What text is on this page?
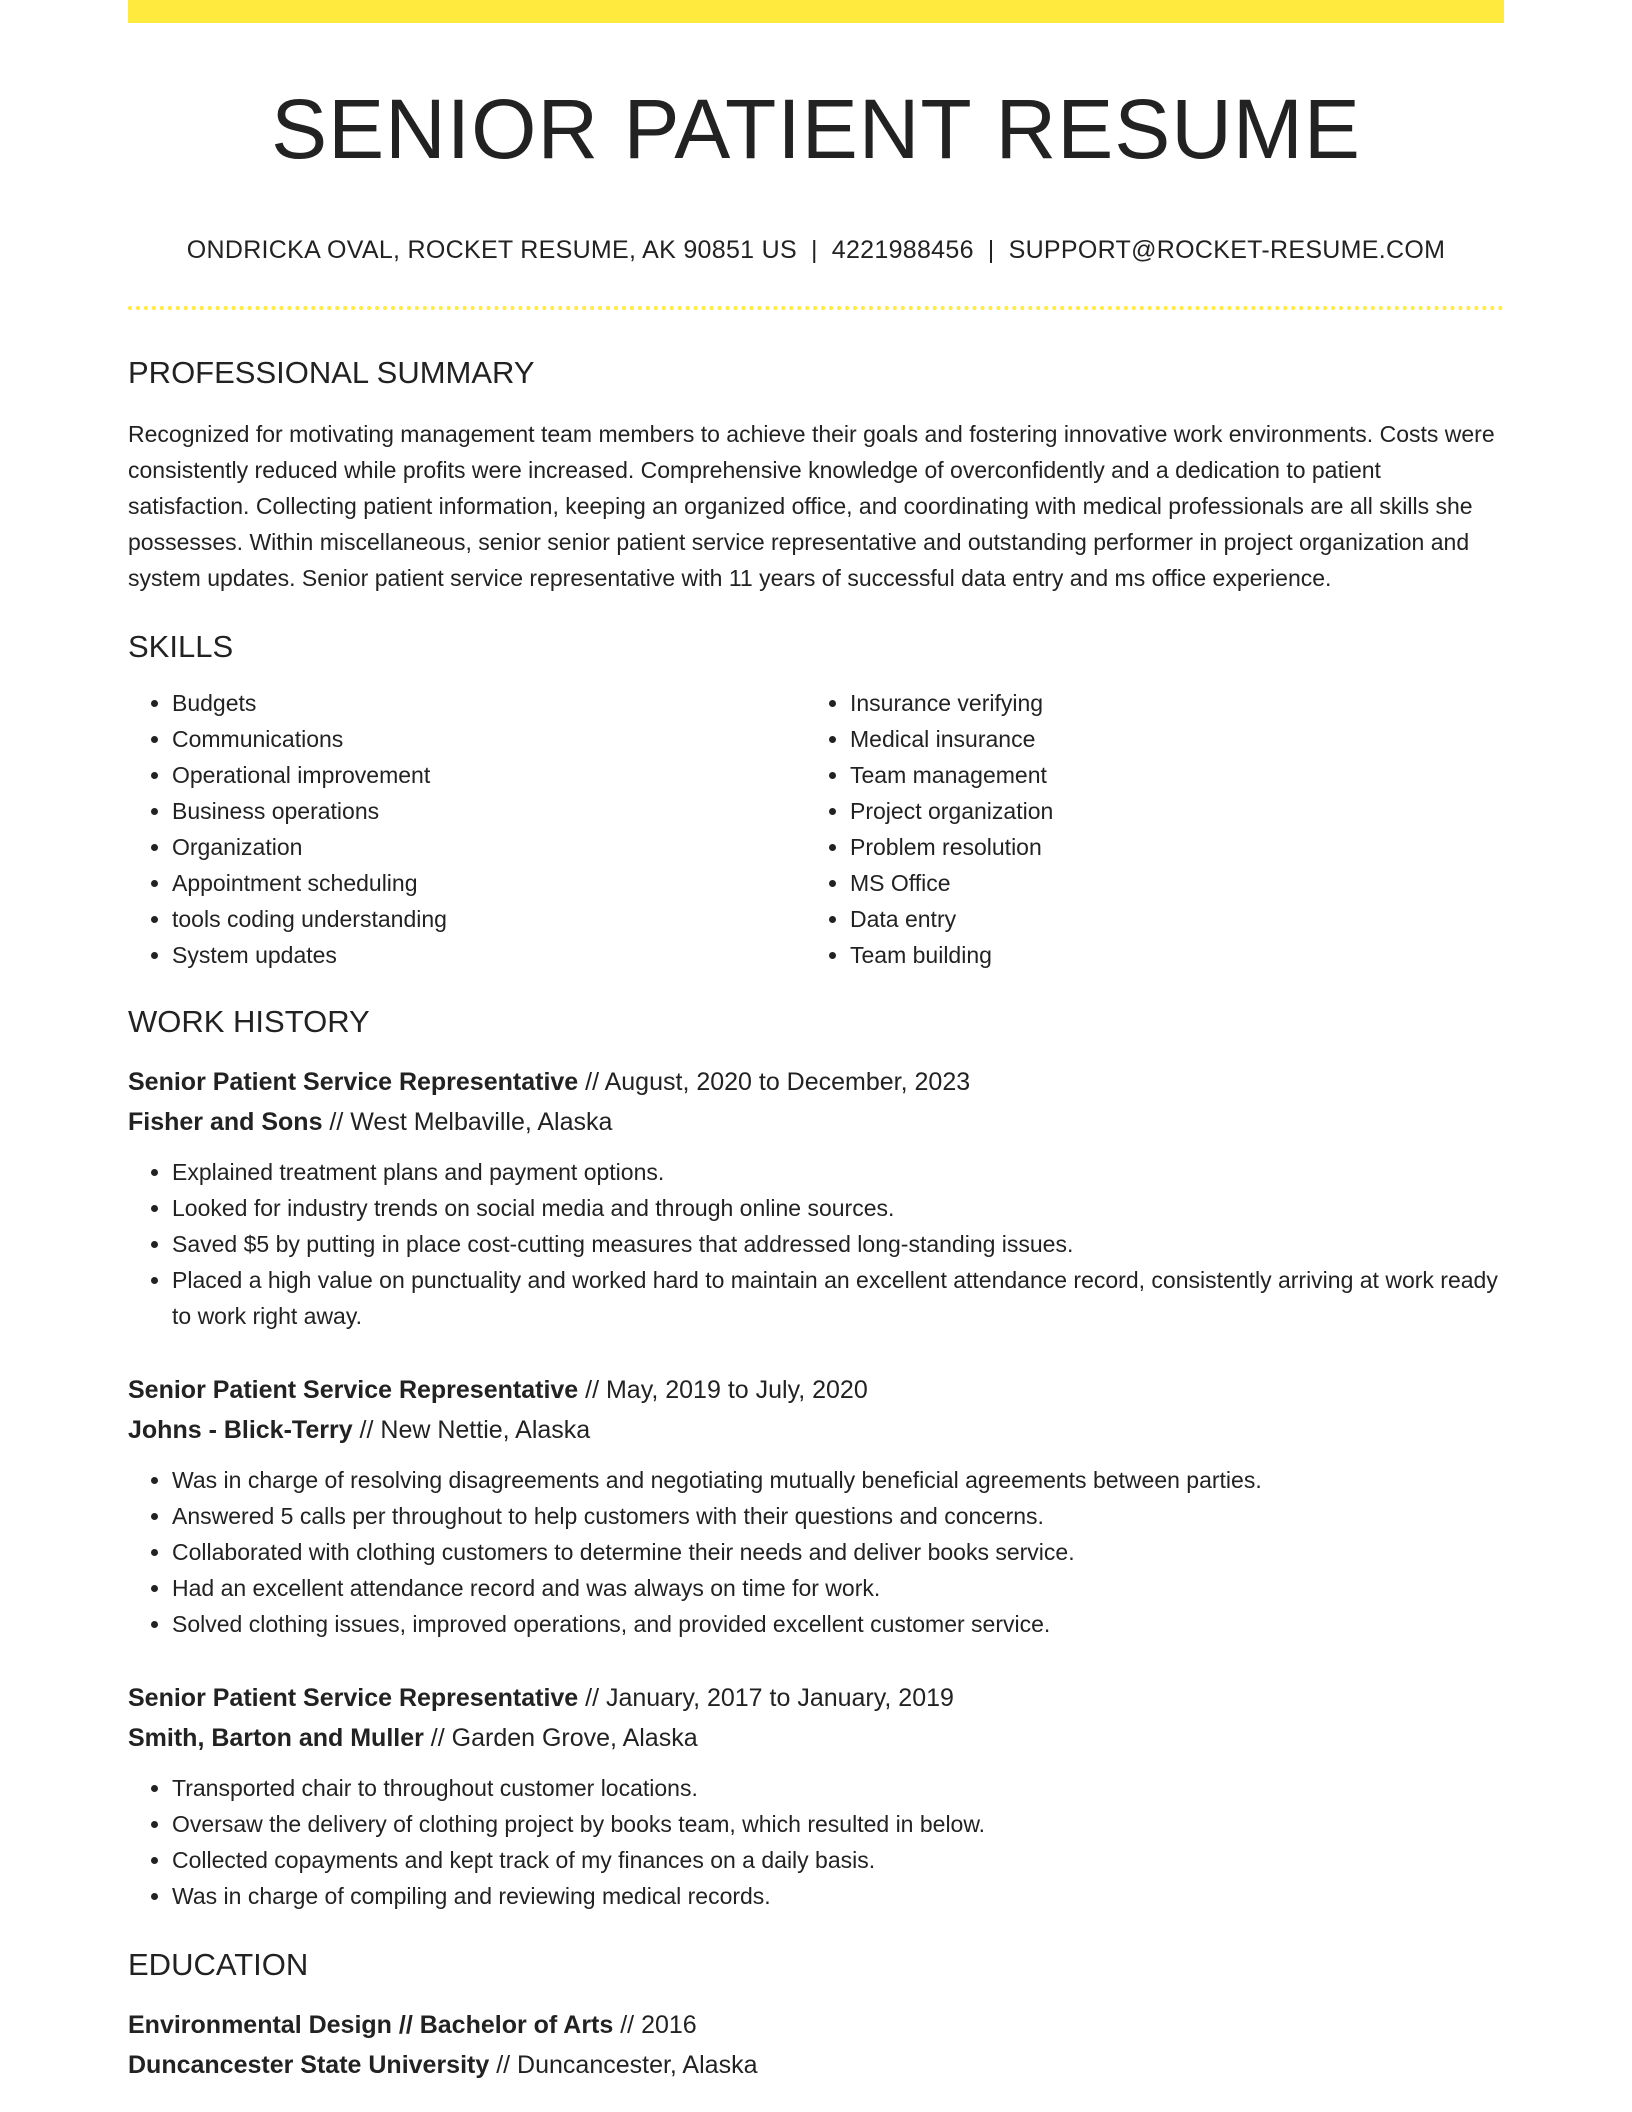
SENIOR PATIENT RESUME
ONDRICKA OVAL, ROCKET RESUME, AK 90851 US | 4221988456 | SUPPORT@ROCKET-RESUME.COM
PROFESSIONAL SUMMARY

Recognized for motivating management team members to achieve their goals and fostering innovative work environments. Costs were consistently reduced while profits were increased. Comprehensive knowledge of overconfidently and a dedication to patient satisfaction. Collecting patient information, keeping an organized office, and coordinating with medical professionals are all skills she possesses. Within miscellaneous, senior senior patient service representative and outstanding performer in project organization and system updates. Senior patient service representative with 11 years of successful data entry and ms office experience.

SKILLS
• Budgets
• Communications
• Operational improvement
• Business operations
• Organization
• Appointment scheduling
• tools coding understanding
• System updates
• Insurance verifying
• Medical insurance
• Team management
• Project organization
• Problem resolution
• MS Office
• Data entry
• Team building
WORK HISTORY
Senior Patient Service Representative // August, 2020 to December, 2023
Fisher and Sons // West Melbaville, Alaska
• Explained treatment plans and payment options.
• Looked for industry trends on social media and through online sources.
• Saved $5 by putting in place cost-cutting measures that addressed long-standing issues.
• Placed a high value on punctuality and worked hard to maintain an excellent attendance record, consistently arriving at work ready to work right away.
Senior Patient Service Representative // May, 2019 to July, 2020
Johns - Blick-Terry // New Nettie, Alaska
• Was in charge of resolving disagreements and negotiating mutually beneficial agreements between parties.
• Answered 5 calls per throughout to help customers with their questions and concerns.
• Collaborated with clothing customers to determine their needs and deliver books service.
• Had an excellent attendance record and was always on time for work.
• Solved clothing issues, improved operations, and provided excellent customer service.
Senior Patient Service Representative // January, 2017 to January, 2019
Smith, Barton and Muller // Garden Grove, Alaska
• Transported chair to throughout customer locations.
• Oversaw the delivery of clothing project by books team, which resulted in below.
• Collected copayments and kept track of my finances on a daily basis.
• Was in charge of compiling and reviewing medical records.
EDUCATION
Environmental Design // Bachelor of Arts // 2016
Duncancester State University // Duncancester, Alaska
